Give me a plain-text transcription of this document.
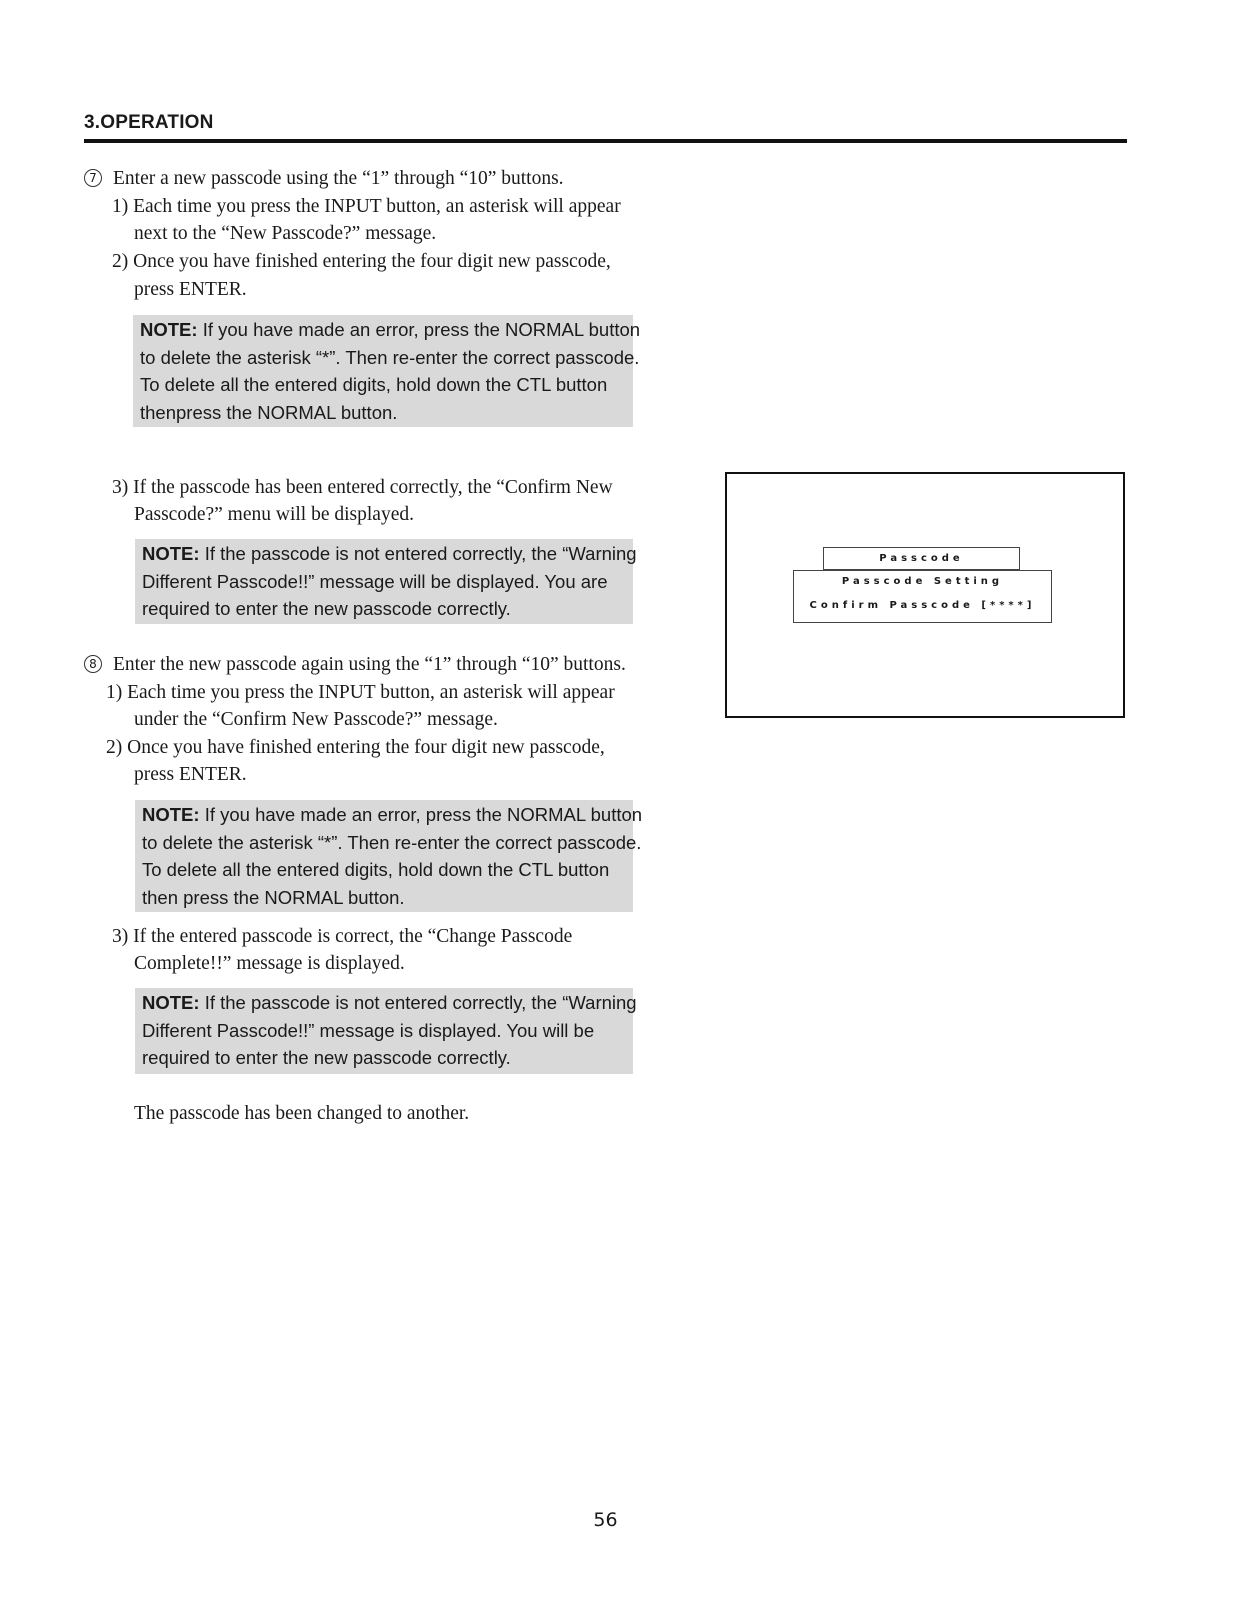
3.OPERATION
7 Enter a new passcode using the “1” through “10” buttons.
1) Each time you press the INPUT button, an asterisk will appear
next to the “New Passcode?” message.
2) Once you have finished entering the four digit new passcode,
press ENTER.
NOTE: If you have made an error, press the NORMAL button
to delete the asterisk “*”. Then re-enter the correct passcode.
To delete all the entered digits, hold down the CTL button
thenpress the NORMAL button.
3) If the passcode has been entered correctly, the “Confirm New
Passcode?” menu will be displayed.
NOTE: If the passcode is not entered correctly, the “Warning
Different Passcode!!” message will be displayed. You are
required to enter the new passcode correctly.
8 Enter the new passcode again using the “1” through “10” buttons.
1) Each time you press the INPUT button, an asterisk will appear
under the “Confirm New Passcode?” message.
2) Once you have finished entering the four digit new passcode,
press ENTER.
NOTE: If you have made an error, press the NORMAL button
to delete the asterisk “*”. Then re-enter the correct passcode.
To delete all the entered digits, hold down the CTL button
then press the NORMAL button.
3) If the entered passcode is correct, the “Change Passcode
Complete!!” message is displayed.
NOTE: If the passcode is not entered correctly, the “Warning
Different Passcode!!” message is displayed. You will be
required to enter the new passcode correctly.
The passcode has been changed to another.
Passcode
Passcode Setting
Confirm Passcode [****]
56
